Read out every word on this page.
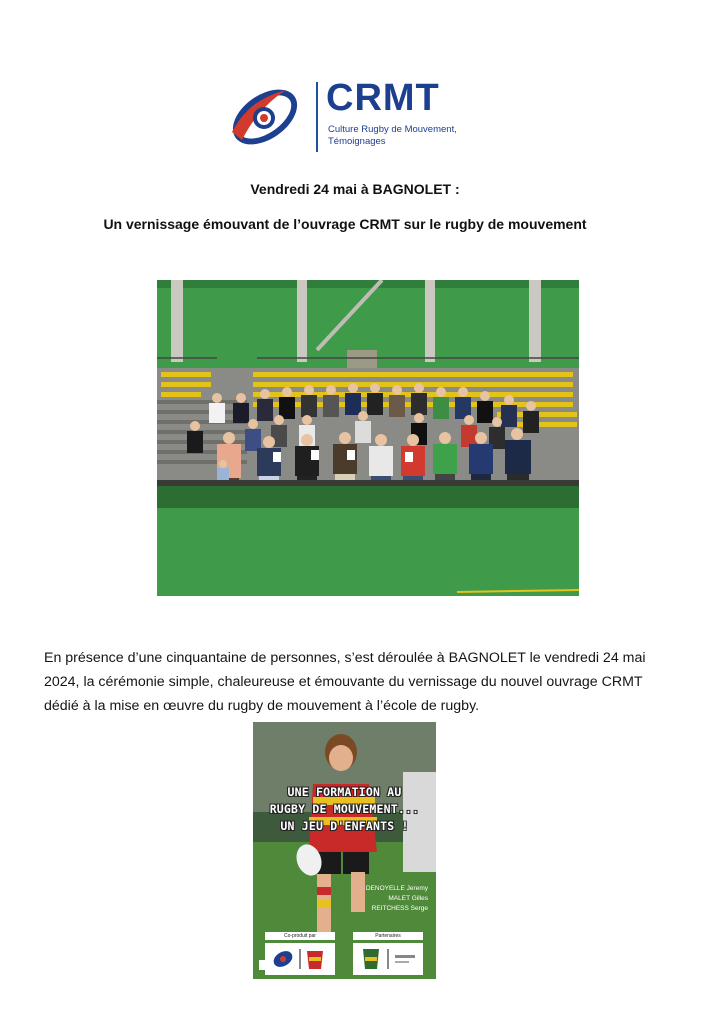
CRMT
Culture Rugby de Mouvement,
Témoignages
Vendredi 24 mai à BAGNOLET :
Un vernissage émouvant de l’ouvrage CRMT sur le rugby de mouvement
En présence d’une cinquantaine de personnes, s’est déroulée à BAGNOLET le vendredi 24 mai 2024, la cérémonie simple, chaleureuse et émouvante du vernissage du nouvel ouvrage CRMT dédié à la mise en œuvre du rugby de mouvement à l’école de rugby.
UNE FORMATION AU
RUGBY DE MOUVEMENT...
UN JEU D'ENFANTS !
DENOYELLE Jeremy
MALET Gilles
REITCHESS Serge
Co-produit par	Partenaires
